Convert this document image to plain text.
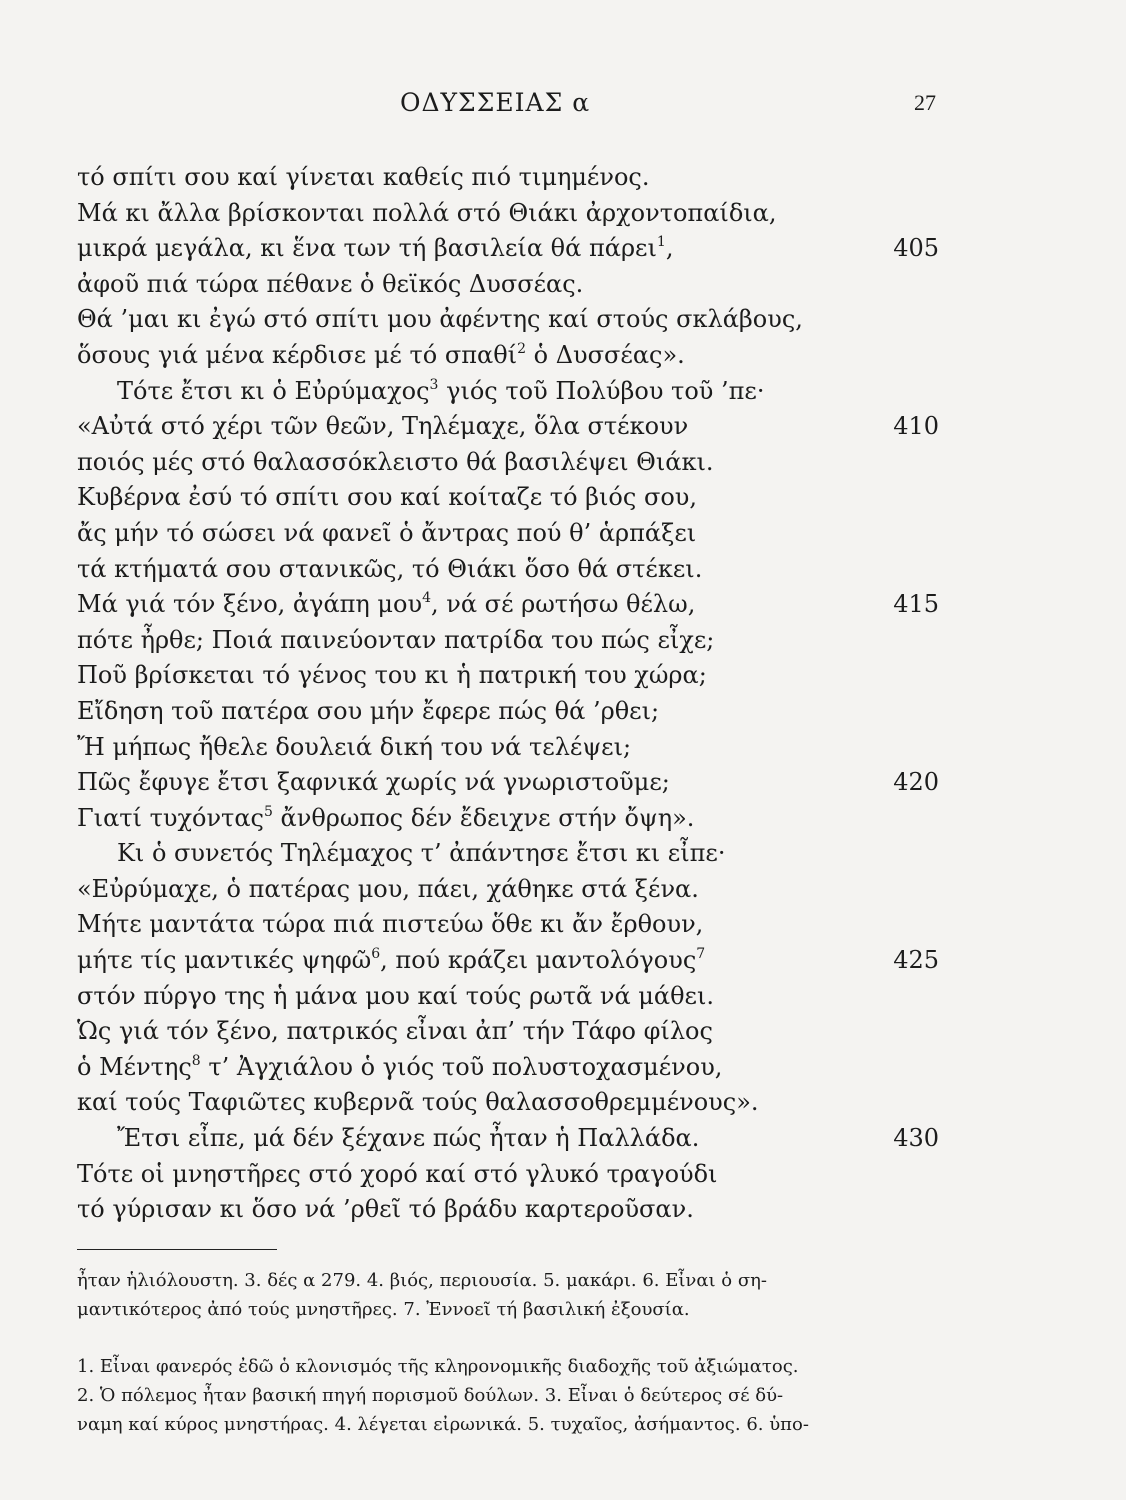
ΟΔΥΣΣΕΙΑΣ α	27
τό σπίτι σου καί γίνεται καθείς πιό τιμημένος.
Μά κι ἄλλα βρίσκονται πολλά στό Θιάκι ἀρχοντοπαίδια,
μικρά μεγάλα, κι ἕνα των τή βασιλεία θά πάρει$^1$,	405
ἀφοῦ πιά τώρα πέθανε ὁ θεϊκός Δυσσέας.
Θά ’μαι κι ἐγώ στό σπίτι μου ἀφέντης καί στούς σκλάβους,
ὅσους γιά μένα κέρδισε μέ τό σπαθί$^2$ ὁ Δυσσέας».
Τότε ἔτσι κι ὁ Εὐρύμαχος$^3$ γιός τοῦ Πολύβου τοῦ ’πε·
«Αὐτά στό χέρι τῶν θεῶν, Τηλέμαχε, ὅλα στέκουν	410
ποιός μές στό θαλασσόκλειστο θά βασιλέψει Θιάκι.
Κυβέρνα ἐσύ τό σπίτι σου καί κοίταζε τό βιός σου,
ἄς μήν τό σώσει νά φανεῖ ὁ ἄντρας πού θ’ ἁρπάξει
τά κτήματά σου στανικῶς, τό Θιάκι ὅσο θά στέκει.
Μά γιά τόν ξένο, ἀγάπη μου$^4$, νά σέ ρωτήσω θέλω,	415
πότε ἦρθε; Ποιά παινεύονταν πατρίδα του πώς εἶχε;
Ποῦ βρίσκεται τό γένος του κι ἡ πατρική του χώρα;
Εἴδηση τοῦ πατέρα σου μήν ἔφερε πώς θά ’ρθει;
Ἤ μήπως ἤθελε δουλειά δική του νά τελέψει;
Πῶς ἔφυγε ἔτσι ξαφνικά χωρίς νά γνωριστοῦμε;	420
Γιατί τυχόντας$^5$ ἄνθρωπος δέν ἔδειχνε στήν ὄψη».
Κι ὁ συνετός Τηλέμαχος τ’ ἀπάντησε ἔτσι κι εἶπε·
«Εὐρύμαχε, ὁ πατέρας μου, πάει, χάθηκε στά ξένα.
Μήτε μαντάτα τώρα πιά πιστεύω ὅθε κι ἄν ἔρθουν,
μήτε τίς μαντικές ψηφῶ$^6$, πού κράζει μαντολόγους$^7$	425
στόν πύργο της ἡ μάνα μου καί τούς ρωτᾶ νά μάθει.
Ὡς γιά τόν ξένο, πατρικός εἶναι ἀπ’ τήν Τάφο φίλος
ὁ Μέντης$^8$ τ’ Ἀγχιάλου ὁ γιός τοῦ πολυστοχασμένου,
καί τούς Ταφιῶτες κυβερνᾶ τούς θαλασσοθρεμμένους».
Ἔτσι εἶπε, μά δέν ξέχανε πώς ἦταν ἡ Παλλάδα.	430
Τότε οἱ μνηστῆρες στό χορό καί στό γλυκό τραγούδι
τό γύρισαν κι ὅσο νά ’ρθεῖ τό βράδυ καρτεροῦσαν.
ἦταν ἡλιόλουστη. 3. δές α 279. 4. βιός, περιουσία. 5. μακάρι. 6. Εἶναι ὁ ση-
μαντικότερος ἀπό τούς μνηστῆρες. 7. Ἐννοεῖ τή βασιλική ἐξουσία.
1. Εἶναι φανερός ἐδῶ ὁ κλονισμός τῆς κληρονομικῆς διαδοχῆς τοῦ ἀξιώματος.
2. Ὁ πόλεμος ἦταν βασική πηγή πορισμοῦ δούλων. 3. Εἶναι ὁ δεύτερος σέ δύ-
ναμη καί κύρος μνηστήρας. 4. λέγεται εἰρωνικά. 5. τυχαῖος, ἀσήμαντος. 6. ὑπο-
